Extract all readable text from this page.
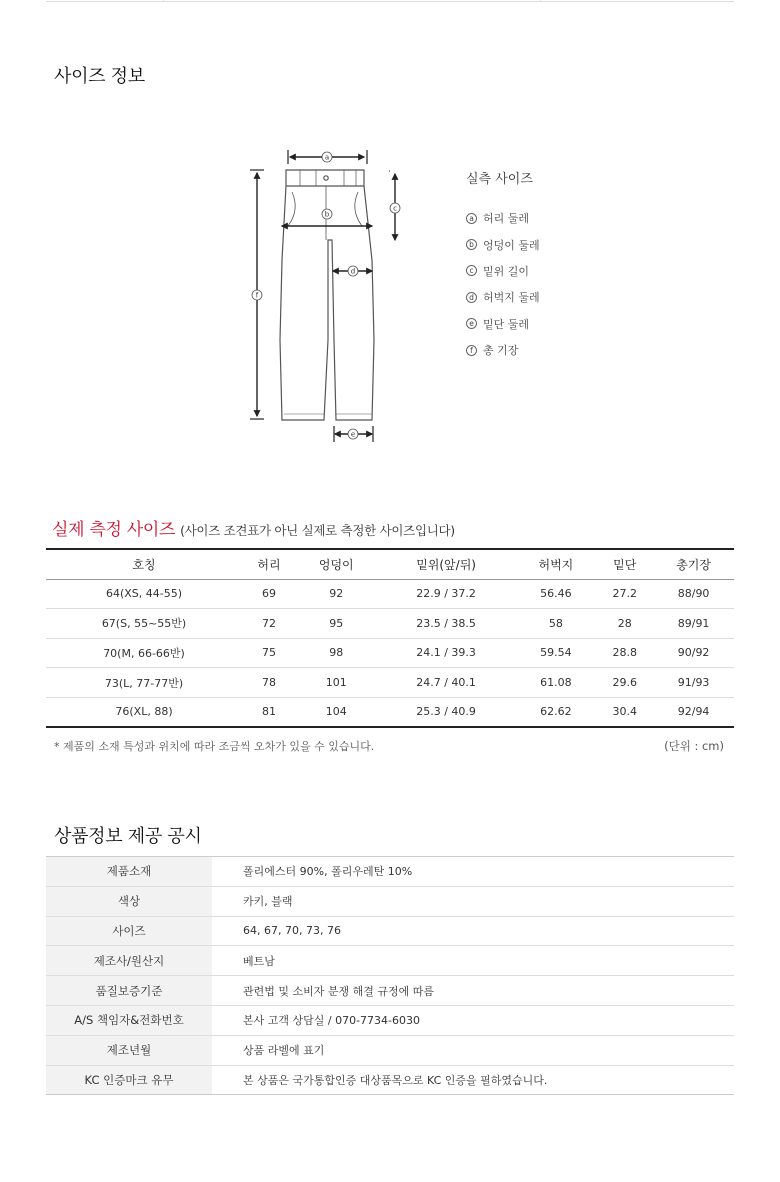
사이즈 정보
a
b
c
d
e
f
실측 사이즈
a 허리 둘레
b 엉덩이 둘레
c 밑위 길이
d 허벅지 둘레
e 밑단 둘레
f 총 기장
실제 측정 사이즈 (사이즈 조견표가 아닌 실제로 측정한 사이즈입니다)
호칭	허리	엉덩이	밑위(앞/뒤)	허벅지	밑단	총기장
64(XS, 44-55)	69	92	22.9 / 37.2	56.46	27.2	88/90
67(S, 55~55반)	72	95	23.5 / 38.5	58	28	89/91
70(M, 66-66반)	75	98	24.1 / 39.3	59.54	28.8	90/92
73(L, 77-77반)	78	101	24.7 / 40.1	61.08	29.6	91/93
76(XL, 88)	81	104	25.3 / 40.9	62.62	30.4	92/94
* 제품의 소재 특성과 위치에 따라 조금씩 오차가 있을 수 있습니다.	(단위 : cm)
상품정보 제공 공시
제품소재	폴리에스터 90%, 폴리우레탄 10%
색상	카키, 블랙
사이즈	64, 67, 70, 73, 76
제조사/원산지	베트남
품질보증기준	관련법 및 소비자 분쟁 해결 규정에 따름
A/S 책임자&전화번호	본사 고객 상담실 / 070-7734-6030
제조년월	상품 라벨에 표기
KC 인증마크 유무	본 상품은 국가통합인증 대상품목으로 KC 인증을 필하였습니다.
